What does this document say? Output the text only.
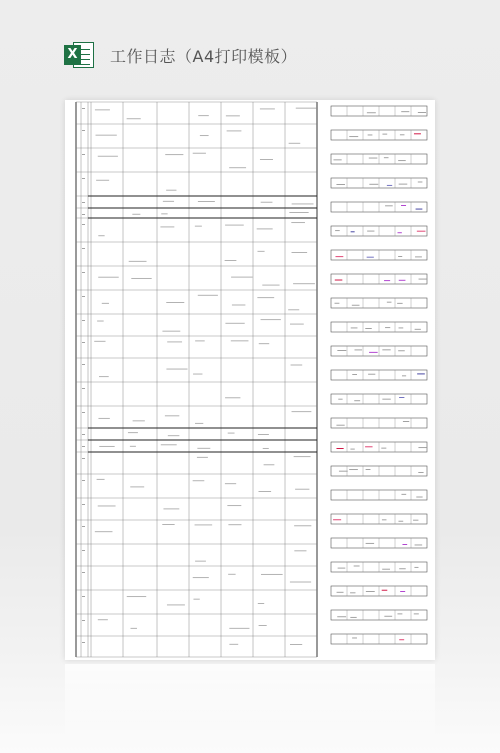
X 工作日志（A4打印模板）
